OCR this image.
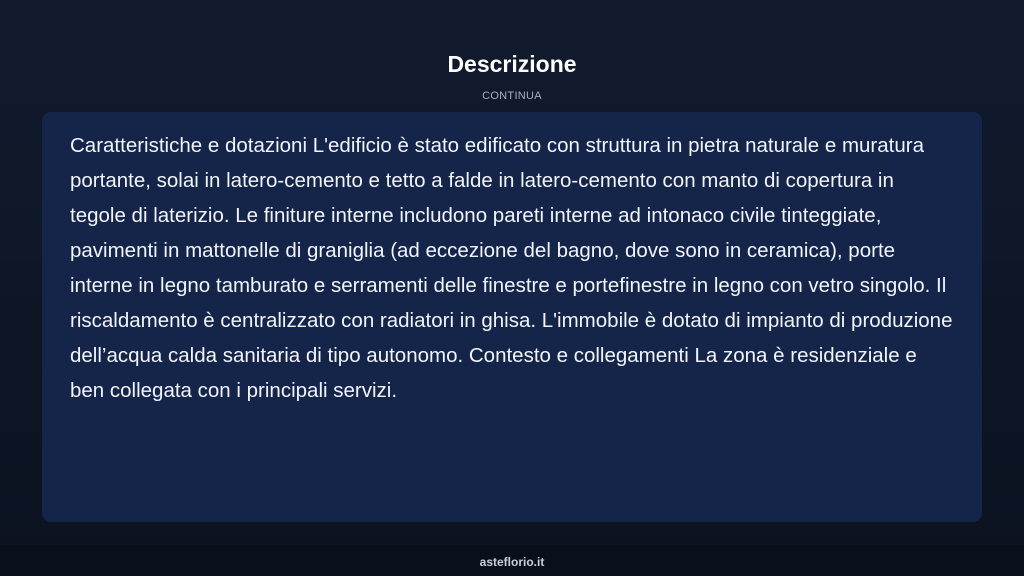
Descrizione
CONTINUA

Caratteristiche e dotazioni L'edificio è stato edificato con struttura in pietra naturale e muratura portante, solai in latero-cemento e tetto a falde in latero-cemento con manto di copertura in tegole di laterizio. Le finiture interne includono pareti interne ad intonaco civile tinteggiate, pavimenti in mattonelle di graniglia (ad eccezione del bagno, dove sono in ceramica), porte interne in legno tamburato e serramenti delle finestre e portefinestre in legno con vetro singolo. Il riscaldamento è centralizzato con radiatori in ghisa. L'immobile è dotato di impianto di produzione dell’acqua calda sanitaria di tipo autonomo. Contesto e collegamenti La zona è residenziale e ben collegata con i principali servizi.

asteflorio.it
